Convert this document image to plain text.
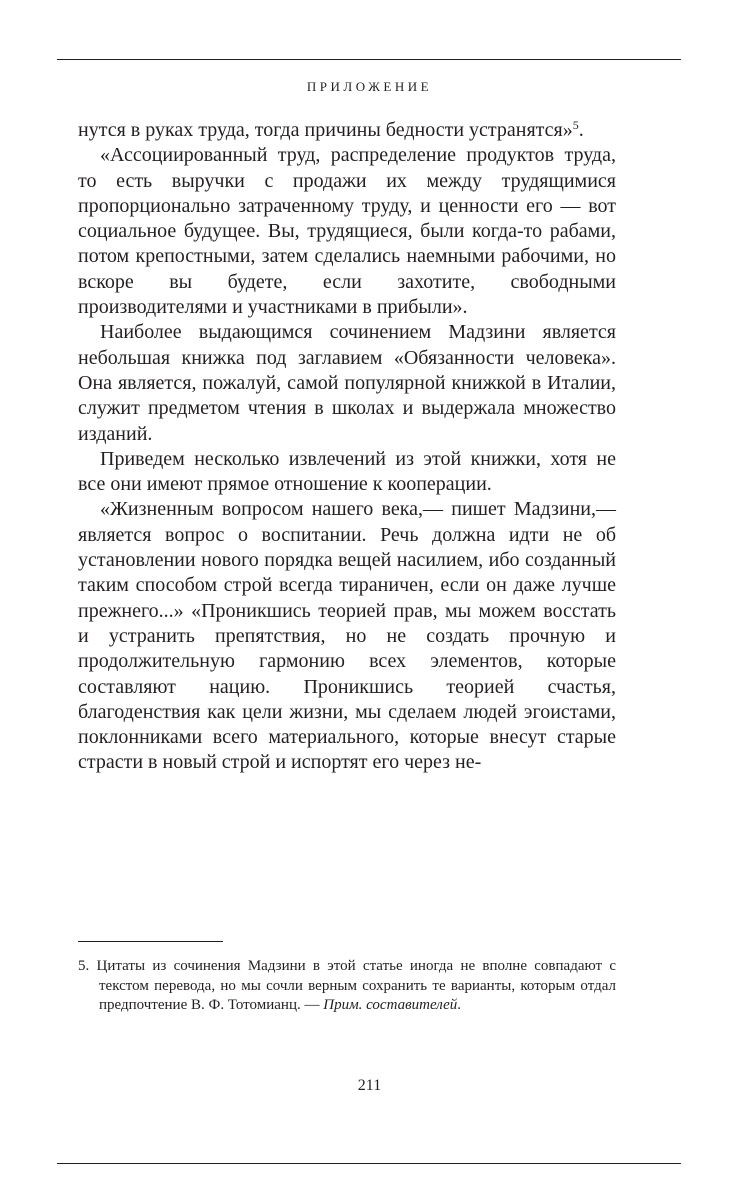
ПРИЛОЖЕНИЕ

нутся в руках труда, тогда причины бедности устранятся»$^5$.

«Ассоциированный труд, распределение продуктов труда, то есть выручки с продажи их между трудящимися пропорционально затраченному труду, и ценности его — вот социальное будущее. Вы, трудящиеся, были когда-то рабами, потом крепостными, затем сделались наемными рабочими, но вскоре вы будете, если захотите, свободными производителями и участниками в прибыли».

Наиболее выдающимся сочинением Мадзини является небольшая книжка под заглавием «Обязанности человека». Она является, пожалуй, самой популярной книжкой в Италии, служит предметом чтения в школах и выдержала множество изданий.

Приведем несколько извлечений из этой книжки, хотя не все они имеют прямое отношение к кооперации.

«Жизненным вопросом нашего века,— пишет Мадзини,— является вопрос о воспитании. Речь должна идти не об установлении нового порядка вещей насилием, ибо созданный таким способом строй всегда тираничен, если он даже лучше прежнего...» «Проникшись теорией прав, мы можем восстать и устранить препятствия, но не создать прочную и продолжительную гармонию всех элементов, которые составляют нацию. Проникшись теорией счастья, благоденствия как цели жизни, мы сделаем людей эгоистами, поклонниками всего материального, которые внесут старые страсти в новый строй и испортят его через не-

5. Цитаты из сочинения Мадзини в этой статье иногда не вполне совпадают с текстом перевода, но мы сочли верным сохранить те варианты, которым отдал предпочтение В. Ф. Тотомианц. — Прим. составителей.

211
